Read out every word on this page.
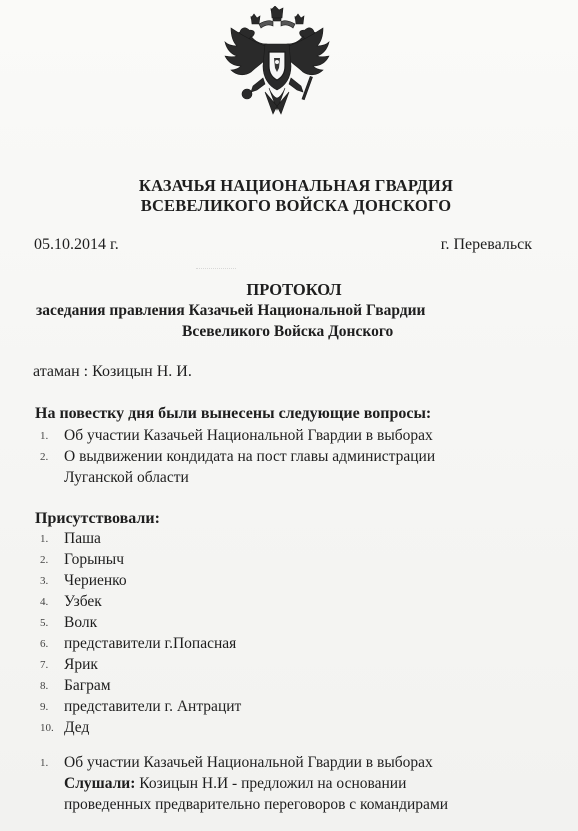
КАЗАЧЬЯ НАЦИОНАЛЬНАЯ ГВАРДИЯ
ВСЕВЕЛИКОГО ВОЙСКА ДОНСКОГО
05.10.2014 г.	г. Перевальск
ПРОТОКОЛ
заседания правления Казачьей Национальной Гвардии
Всевеликого Войска Донского
атаман : Козицын Н. И.
На повестку дня были вынесены следующие вопросы:
1. Об участии Казачьей Национальной Гвардии в выборах
2. О выдвижении кондидата на пост главы администрации
Луганской области
Присутствовали:
1. Паша
2. Горыныч
3. Чериенко
4. Узбек
5. Волк
6. представители г.Попасная
7. Ярик
8. Баграм
9. представители г. Антрацит
10. Дед
1. Об участии Казачьей Национальной Гвардии в выборах
Слушали: Козицын Н.И - предложил на основании
проведенных предварительно переговоров с командирами
